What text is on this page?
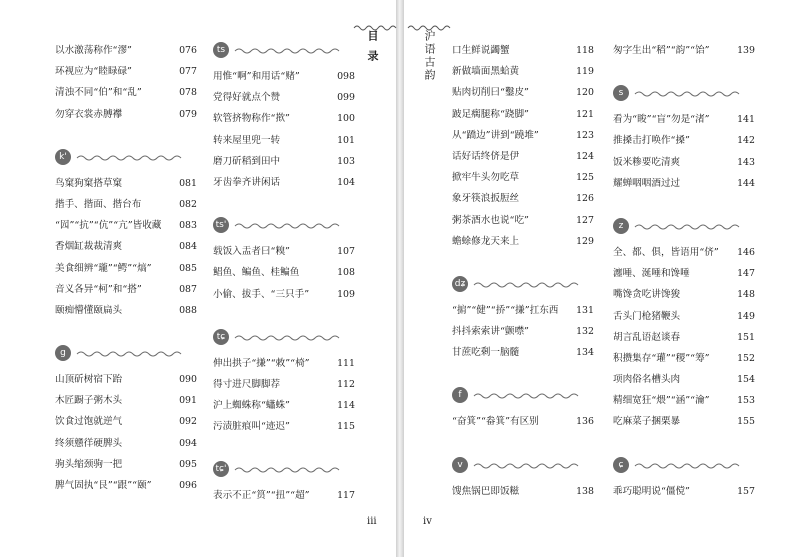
以水激荡称作“漻”	076
环视应为“睦睩碌”	077
清浊不同“伯”和“乱”	078
勿穿衣裳赤膊襻	079
k'
鸟窠狗窠搭草窠	081
揩手、揩面、揩台布	082
“囥”“抗”“伉”“亢”皆收藏 083
香烟缸裁裁清爽	084
美食细辨“瓏”“鳄”“熇”	085
音义各异“柯”和“搭”	087
颐痴懵懂颐扁头	088
g
山顶斫树宿下跆	090
木匠蹰子粥木头	091
饮食过饱就逆气	092
终须戆徉硬脾头	094
驹头缩颈驹一把	095
脾气固执“艮”“跟”“颐”	096
ts
用惟“啊”和用话“赌”	098
党得好就点个赞	099
软管挤物称作“揿”	100
转来屋里兜一转	101
磨刀斫稻到田中	103
牙齿拳齐讲闲话	104
ts'
载饭入盂者曰“糗”	107
鲳鱼、鳊鱼、桂鳊鱼	108
小偷、拔手、“三只手”	109
tɕ
伸出拱子“搛”“敇”“椅”	111
得寸进尺脚脚荐	112
沪上蜘蛛称“蠨蛛”	114
污渍脏痕叫“迹迟”	115
tɕ'
表示不正“筼”“扭”“超”	117
口生鲜说蠲蟹	118
新做墙面黑蛤黄	119
贴肉切削曰“鑿皮”	120
跛足瘸腿称“跷脚”	121
从“蹻边”讲到“蹺堆”	123
话好话终侪是伊	124
掀牢牛头勿吃草	125
象牙筷浪扳脰丝	126
粥茶酒水也说“吃”	127
蟾蜍修龙天来上	129
dʑ
“掮”“健”“挢”“搛”扛东西 131
抖抖索索讲“颤噤”	132
甘蔗吃剩一脑髓	134
f
“奋箕”“畚箕”有区别	136
v
馊焦锅巴即饭糍	138
匆字生出“稻”“韵”“饴”	139
s
看为“睃”“盲”勿是“渚”	141
推搡击打唤作“搡”	142
饭米糁要吃清爽	143
耀蝉咽咽酒过过	144
z
全、都、俱，皆语用“侪” 146
瀍唾、涎唾和馋唾	147
嘴馋贪吃讲馋狻	148
舌头门枪猪鞭头	149
胡言乱语赵谈春	151
积攒集存“瓘”“稷”“筹”	152
项肉俗名槽头肉	154
精细宽狂“煨”“涵”“瀹”	153
吃麻菜子捆栗暴	155
ɕ
乖巧聪明说“僵傥”	157
目录	沪语古韵
iii	iv
